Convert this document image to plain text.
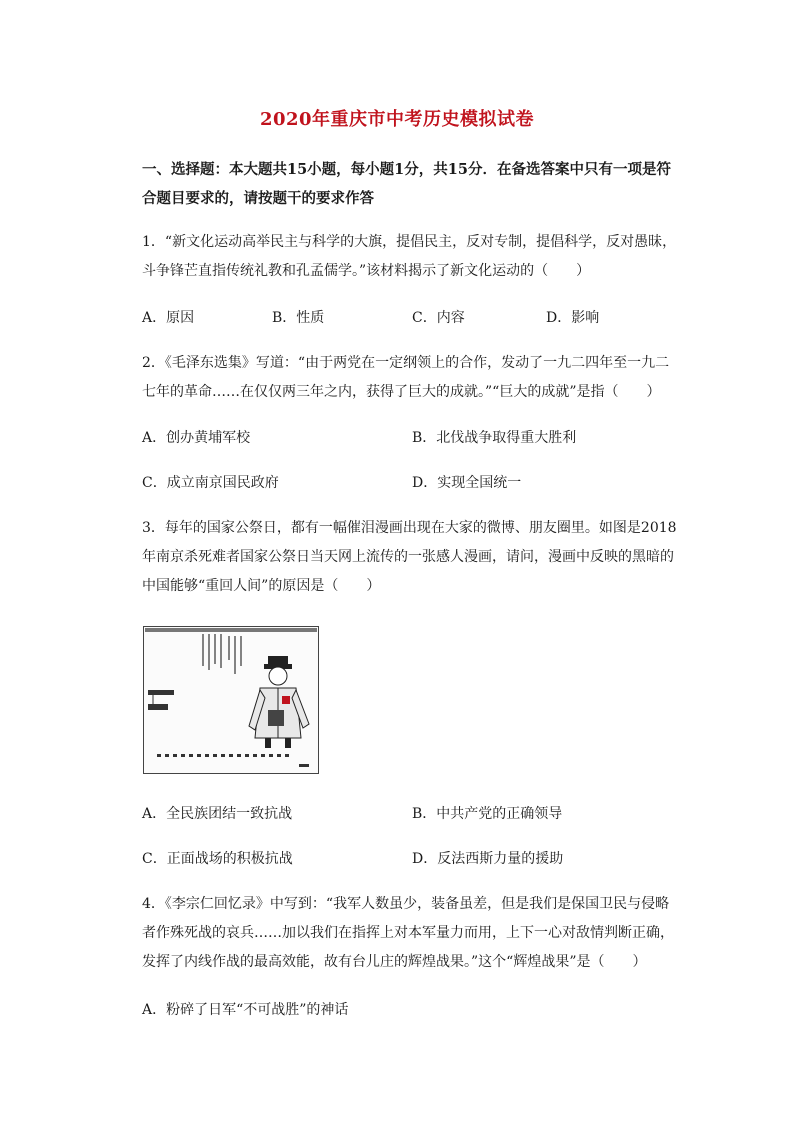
2020年重庆市中考历史模拟试卷
一、选择题：本大题共15小题，每小题1分，共15分．在备选答案中只有一项是符合题目要求的，请按题干的要求作答
1．“新文化运动高举民主与科学的大旗，提倡民主，反对专制，提倡科学，反对愚昧，斗争锋芒直指传统礼教和孔孟儒学。”该材料揭示了新文化运动的（　　）
A．原因	B．性质	C．内容	D．影响
2．《毛泽东选集》写道：“由于两党在一定纲领上的合作，发动了一九二四年至一九二七年的革命……在仅仅两三年之内，获得了巨大的成就。”“巨大的成就”是指（　　）
A．创办黄埔军校	B．北伐战争取得重大胜利
C．成立南京国民政府	D．实现全国统一
3．每年的国家公祭日，都有一幅催泪漫画出现在大家的微博、朋友圈里。如图是2018年南京杀死难者国家公祭日当天网上流传的一张感人漫画，请问，漫画中反映的黑暗的中国能够“重回人间”的原因是（　　）
A．全民族团结一致抗战	B．中共产党的正确领导
C．正面战场的积极抗战	D．反法西斯力量的援助
4．《李宗仁回忆录》中写到：“我军人数虽少，装备虽差，但是我们是保国卫民与侵略者作殊死战的哀兵……加以我们在指挥上对本军量力而用，上下一心对敌情判断正确，发挥了内线作战的最高效能，故有台儿庄的辉煌战果。”这个“辉煌战果”是（　　）
A．粉碎了日军“不可战胜”的神话
